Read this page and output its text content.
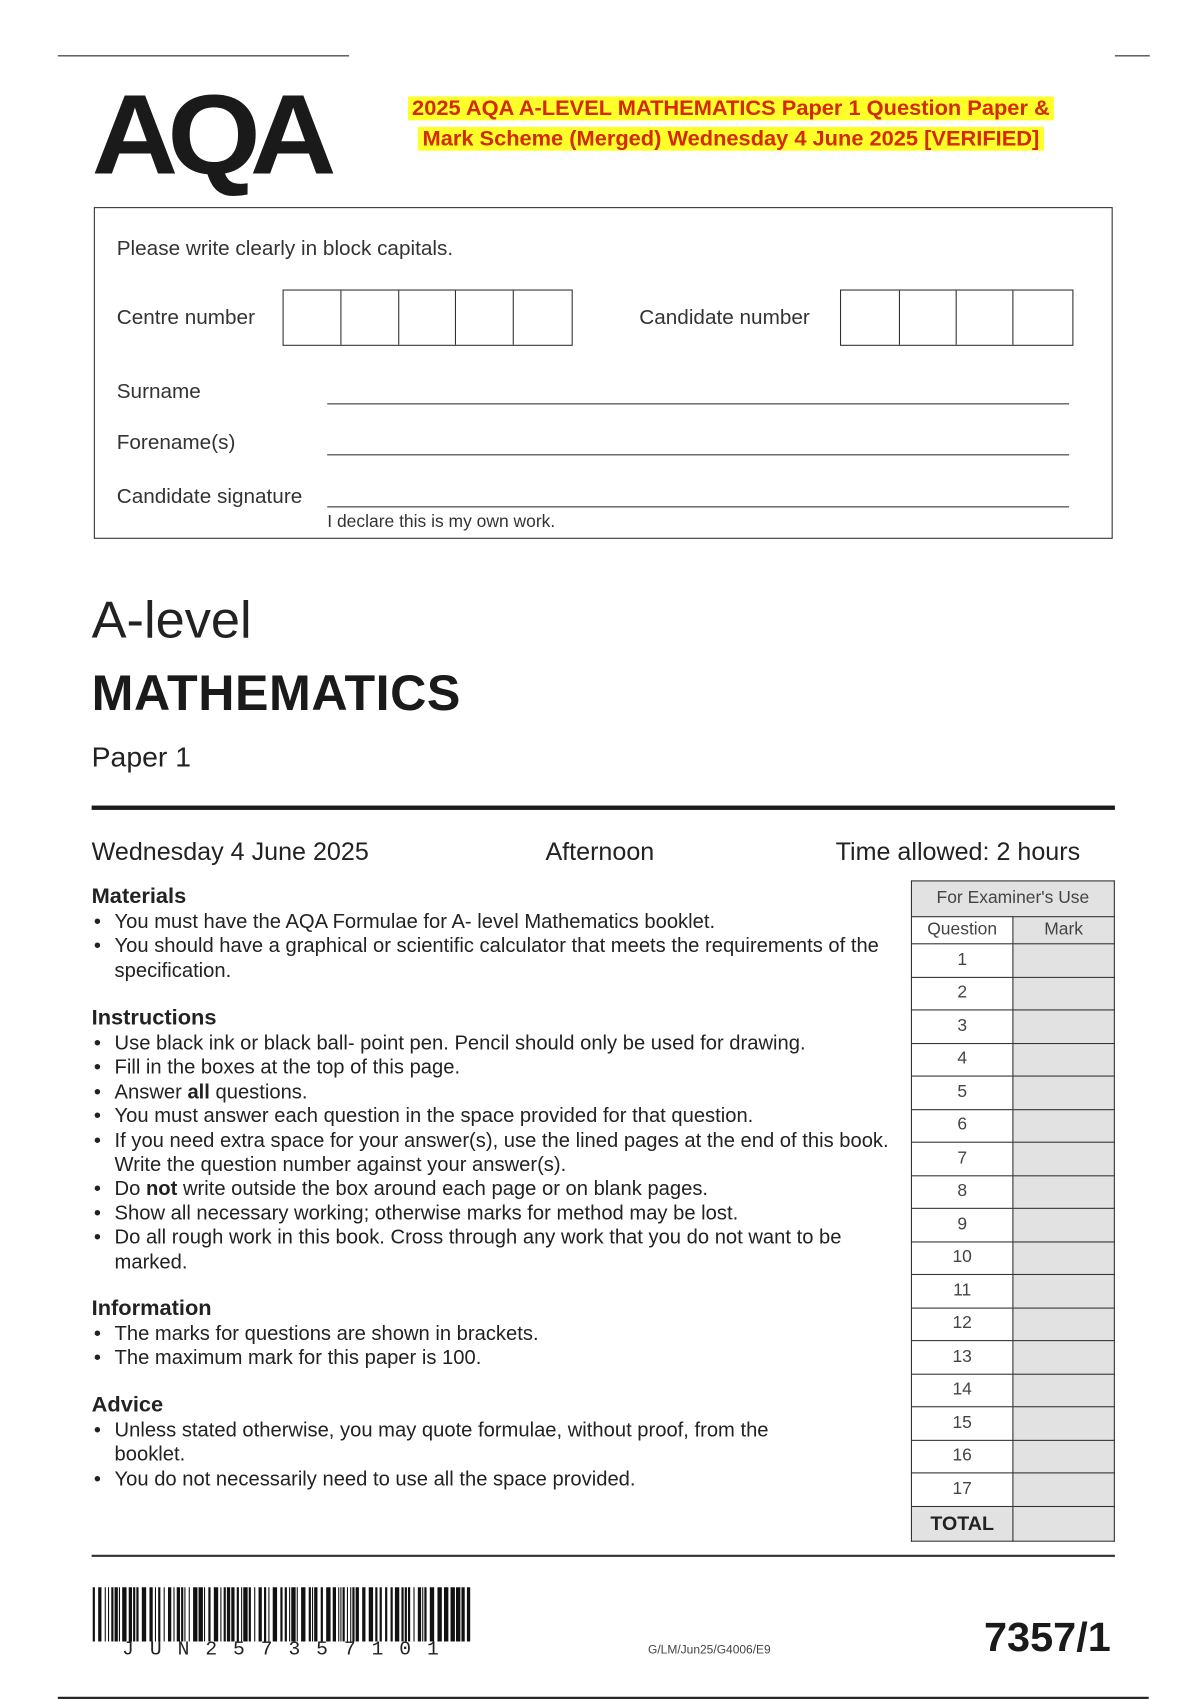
AQA	2025 AQA A-LEVEL MATHEMATICS Paper 1 Question Paper &
Mark Scheme (Merged) Wednesday 4 June 2025 [VERIFIED]
Please write clearly in block capitals.
Centre number	Candidate number
Surname
Forename(s)
Candidate signature
I declare this is my own work.
A-level
MATHEMATICS
Paper 1
Wednesday 4 June 2025	Afternoon	Time allowed: 2 hours
Materials
• You must have the AQA Formulae for A- level Mathematics booklet.
• You should have a graphical or scientific calculator that meets the requirements of the specification.
Instructions
• Use black ink or black ball- point pen. Pencil should only be used for drawing.
• Fill in the boxes at the top of this page.
• Answer all questions.
• You must answer each question in the space provided for that question.
• If you need extra space for your answer(s), use the lined pages at the end of this book. Write the question number against your answer(s).
• Do not write outside the box around each page or on blank pages.
• Show all necessary working; otherwise marks for method may be lost.
• Do all rough work in this book. Cross through any work that you do not want to be marked.
Information
• The marks for questions are shown in brackets.
• The maximum mark for this paper is 100.
Advice
• Unless stated otherwise, you may quote formulae, without proof, from the booklet.
• You do not necessarily need to use all the space provided.
For Examiner's Use	
Question	Mark
1	
2	
3	
4	
5	
6	
7	
8	
9	
10	
11	
12	
13	
14	
15	
16	
17	
TOTAL	
JUN257357101	G/LM/Jun25/G4006/E9	7357/1
